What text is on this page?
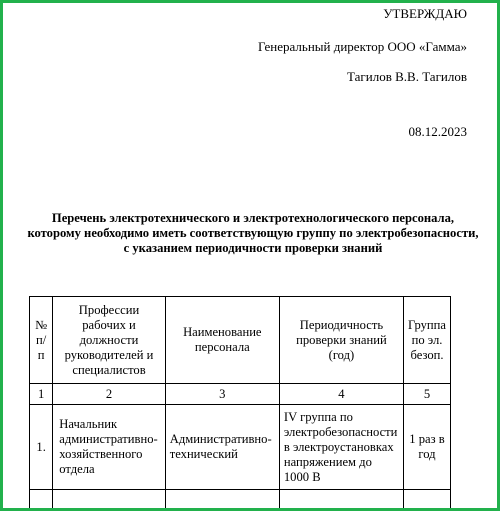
УТВЕРЖДАЮ
Генеральный директор ООО «Гамма»
Тагилов В.В. Тагилов
08.12.2023
Перечень электротехнического и электротехнологического персонала, которому необходимо иметь соответствующую группу по электробезопасности, с указанием периодичности проверки знаний
№ п/п	Профессии рабочих и должности руководителей и специалистов	Наименование персонала	Периодичность проверки знаний (год)	Группа по эл. безоп.
1	2	3	4	5
1.	Начальник административно-хозяйственного отдела	Административно-технический	IV группа по электробезопасности в электроустановках напряжением до 1000 В	1 раз в год
